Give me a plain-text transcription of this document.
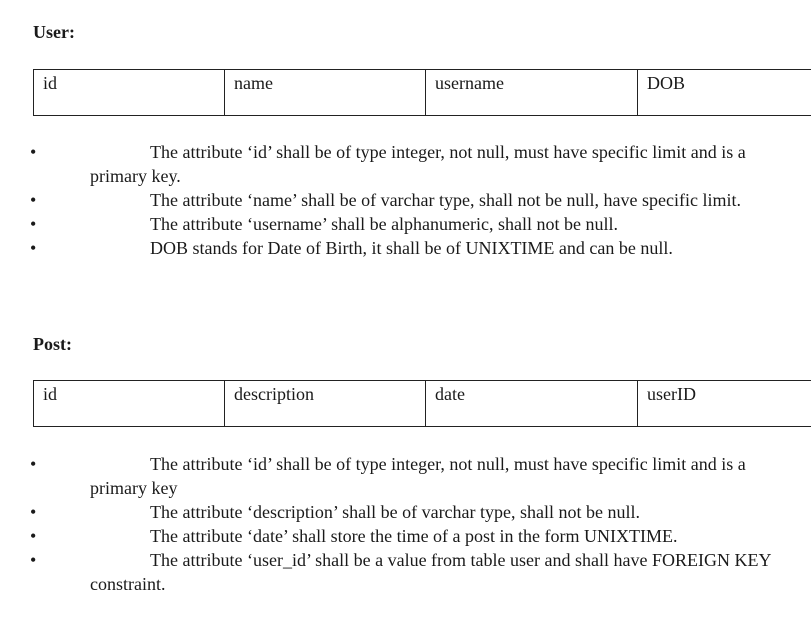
User:
id	name	username	DOB
•	The attribute ‘id’ shall be of type integer, not null, must have specific limit and is a primary key.
•	The attribute ‘name’ shall be of varchar type, shall not be null, have specific limit.
•	The attribute ‘username’ shall be alphanumeric, shall not be null.
•	DOB stands for Date of Birth, it shall be of UNIXTIME and can be null.
Post:
id	description	date	userID
•	The attribute ‘id’ shall be of type integer, not null, must have specific limit and is a primary key
•	The attribute ‘description’ shall be of varchar type, shall not be null.
•	The attribute ‘date’ shall store the time of a post in the form UNIXTIME.
•	The attribute ‘user_id’ shall be a value from table user and shall have FOREIGN KEY constraint.
